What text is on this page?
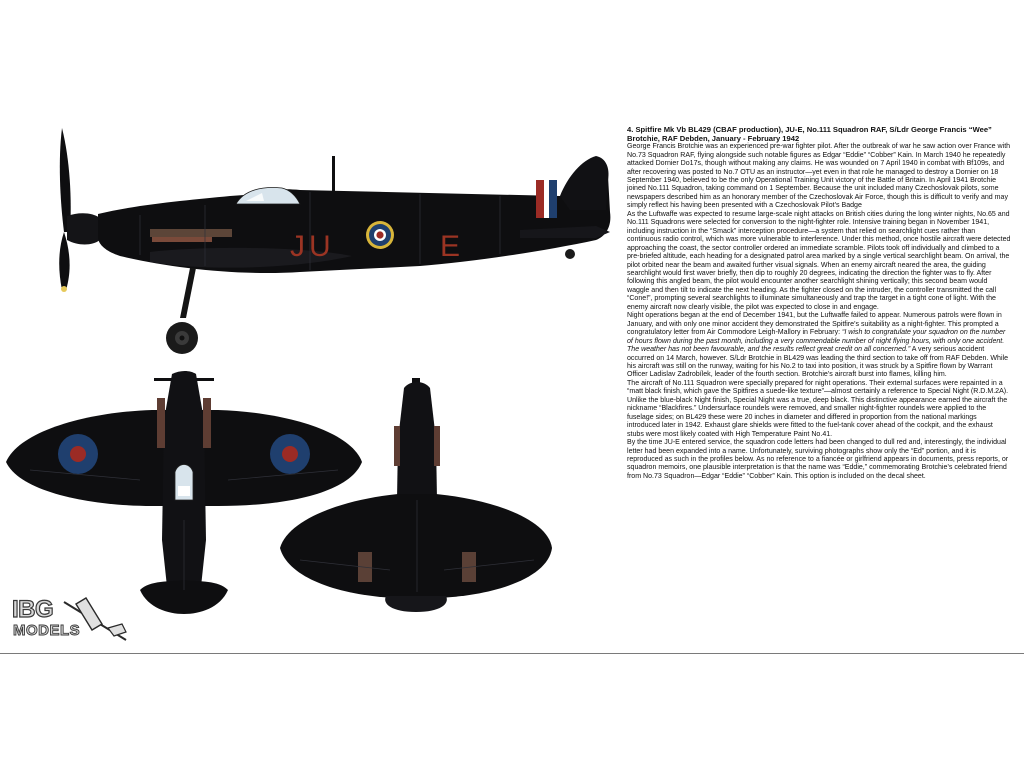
JU	E
4. Spitfire Mk Vb BL429 (CBAF production), JU-E, No.111 Squadron RAF, S/Ldr George Francis “Wee” Brotchie, RAF Debden, January - February 1942

George Francis Brotchie was an experienced pre-war fighter pilot. After the outbreak of war he saw action over France with No.73 Squadron RAF, flying alongside such notable figures as Edgar “Eddie” “Cobber” Kain. In March 1940 he repeatedly attacked Dornier Do17s, though without making any claims. He was wounded on 7 April 1940 in combat with Bf109s, and after recovering was posted to No.7 OTU as an instructor—yet even in that role he managed to destroy a Dornier on 18 September 1940, believed to be the only Operational Training Unit victory of the Battle of Britain. In April 1941 Brotchie joined No.111 Squadron, taking command on 1 September. Because the unit included many Czechoslovak pilots, some newspapers described him as an honorary member of the Czechoslovak Air Force, though this is difficult to verify and may simply reflect his having been presented with a Czechoslovak Pilot’s Badge

As the Luftwaffe was expected to resume large-scale night attacks on British cities during the long winter nights, No.65 and No.111 Squadrons were selected for conversion to the night-fighter role. Intensive training began in November 1941, including instruction in the “Smack” interception procedure—a system that relied on searchlight cues rather than continuous radio control, which was more vulnerable to interference. Under this method, once hostile aircraft were detected approaching the coast, the sector controller ordered an immediate scramble. Pilots took off individually and climbed to a pre-briefed altitude, each heading for a designated patrol area marked by a single vertical searchlight beam. On arrival, the pilot orbited near the beam and awaited further visual signals. When an enemy aircraft neared the area, the guiding searchlight would first waver briefly, then dip to roughly 20 degrees, indicating the direction the fighter was to fly. After following this angled beam, the pilot would encounter another searchlight shining vertically; this second beam would waggle and then tilt to indicate the next heading. As the fighter closed on the intruder, the controller transmitted the call “Cone!”, prompting several searchlights to illuminate simultaneously and trap the target in a tight cone of light. With the enemy aircraft now clearly visible, the pilot was expected to close in and engage.

Night operations began at the end of December 1941, but the Luftwaffe failed to appear. Numerous patrols were flown in January, and with only one minor accident they demonstrated the Spitfire’s suitability as a night-fighter. This prompted a congratulatory letter from Air Commodore Leigh-Mallory in February: “I wish to congratulate your squadron on the number of hours flown during the past month, including a very commendable number of night flying hours, with only one accident. The weather has not been favourable, and the results reflect great credit on all concerned.” A very serious accident occurred on 14 March, however. S/Ldr Brotchie in BL429 was leading the third section to take off from RAF Debden. While his aircraft was still on the runway, waiting for his No.2 to taxi into position, it was struck by a Spitfire flown by Warrant Officer Ladislav Zadrobílek, leader of the fourth section. Brotchie’s aircraft burst into flames, killing him.

The aircraft of No.111 Squadron were specially prepared for night operations. Their external surfaces were repainted in a “matt black finish, which gave the Spitfires a suede-like texture”—almost certainly a reference to Special Night (R.D.M.2A). Unlike the blue-black Night finish, Special Night was a true, deep black. This distinctive appearance earned the aircraft the nickname “Blackfires.” Undersurface roundels were removed, and smaller night-fighter roundels were applied to the fuselage sides; on BL429 these were 20 inches in diameter and differed in proportion from the national markings introduced later in 1942. Exhaust glare shields were fitted to the fuel-tank cover ahead of the cockpit, and the exhaust stubs were most likely coated with High Temperature Paint No.41.

By the time JU-E entered service, the squadron code letters had been changed to dull red and, interestingly, the individual letter had been expanded into a name. Unfortunately, surviving photographs show only the “Ed” portion, and it is reproduced as such in the profiles below. As no reference to a fiancée or girlfriend appears in documents, press reports, or squadron memoirs, one plausible interpretation is that the name was “Eddie,” commemorating Brotchie’s celebrated friend from No.73 Squadron—Edgar “Eddie” “Cobber” Kain. This option is included on the decal sheet.

IBG
MODELS
